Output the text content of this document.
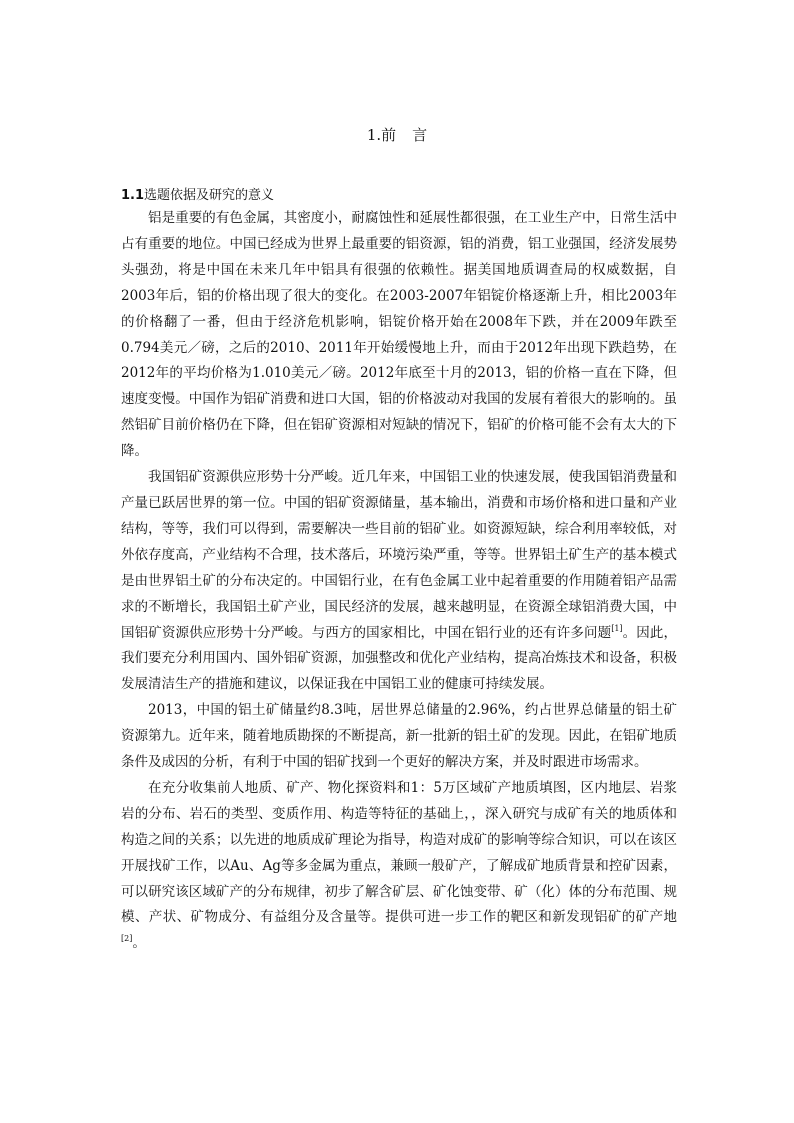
1.前 言
1.1选题依据及研究的意义

铝是重要的有色金属，其密度小，耐腐蚀性和延展性都很强，在工业生产中，日常生活中占有重要的地位。中国已经成为世界上最重要的铝资源，铝的消费，铝工业强国，经济发展势头强劲，将是中国在未来几年中铝具有很强的依赖性。据美国地质调查局的权威数据，自2003年后，铝的价格出现了很大的变化。在2003-2007年铝锭价格逐渐上升，相比2003年的价格翻了一番，但由于经济危机影响，铝锭价格开始在2008年下跌，并在2009年跌至0.794美元／磅，之后的2010、2011年开始缓慢地上升，而由于2012年出现下跌趋势，在2012年的平均价格为1.010美元／磅。2012年底至十月的2013，铝的价格一直在下降，但速度变慢。中国作为铝矿消费和进口大国，铝的价格波动对我国的发展有着很大的影响的。虽然铝矿目前价格仍在下降，但在铝矿资源相对短缺的情况下，铝矿的价格可能不会有太大的下降。

我国铝矿资源供应形势十分严峻。近几年来，中国铝工业的快速发展，使我国铝消费量和产量已跃居世界的第一位。中国的铝矿资源储量，基本输出，消费和市场价格和进口量和产业结构，等等，我们可以得到，需要解决一些目前的铝矿业。如资源短缺，综合利用率较低，对外依存度高，产业结构不合理，技术落后，环境污染严重，等等。世界铝土矿生产的基本模式是由世界铝土矿的分布决定的。中国铝行业，在有色金属工业中起着重要的作用随着铝产品需求的不断增长，我国铝土矿产业，国民经济的发展，越来越明显，在资源全球铝消费大国，中国铝矿资源供应形势十分严峻。与西方的国家相比，中国在铝行业的还有许多问题[1]。因此，我们要充分利用国内、国外铝矿资源，加强整改和优化产业结构，提高冶炼技术和设备，积极发展清洁生产的措施和建议，以保证我在中国铝工业的健康可持续发展。

2013，中国的铝土矿储量约8.3吨，居世界总储量的2.96%，约占世界总储量的铝土矿资源第九。近年来，随着地质勘探的不断提高，新一批新的铝土矿的发现。因此，在铝矿地质条件及成因的分析，有利于中国的铝矿找到一个更好的解决方案，并及时跟进市场需求。

在充分收集前人地质、矿产、物化探资料和1：5万区域矿产地质填图，区内地层、岩浆岩的分布、岩石的类型、变质作用、构造等特征的基础上，，深入研究与成矿有关的地质体和构造之间的关系；以先进的地质成矿理论为指导，构造对成矿的影响等综合知识，可以在该区开展找矿工作，以Au、Ag等多金属为重点，兼顾一般矿产，了解成矿地质背景和控矿因素，可以研究该区域矿产的分布规律，初步了解含矿层、矿化蚀变带、矿（化）体的分布范围、规模、产状、矿物成分、有益组分及含量等。提供可进一步工作的靶区和新发现铝矿的矿产地[2]。
